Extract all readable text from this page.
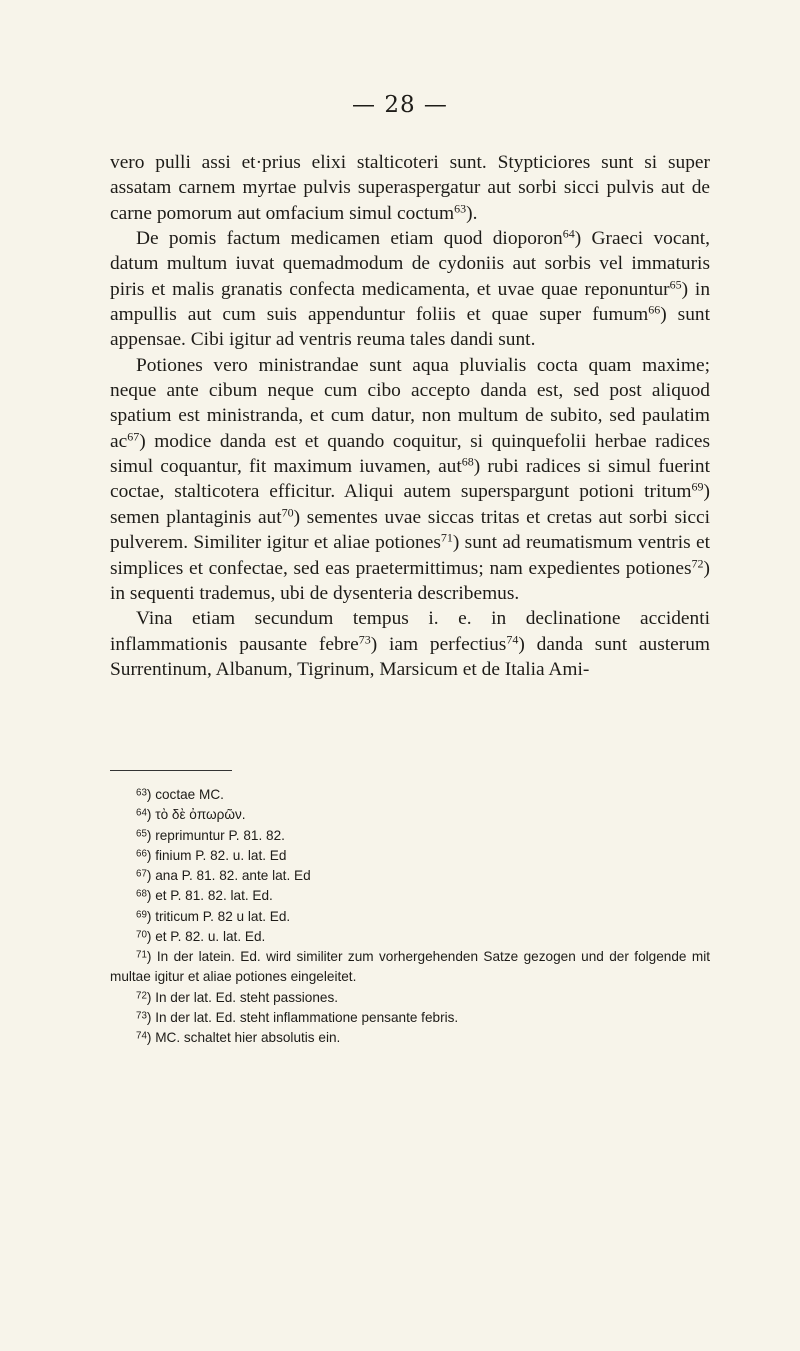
— 28 —

vero pulli assi et·prius elixi stalticoteri sunt. Stypticiores sunt si super assatam carnem myrtae pulvis superaspergatur aut sorbi sicci pulvis aut de carne pomorum aut omfacium simul coctum$^{63}$).

De pomis factum medicamen etiam quod dioporon$^{64}$) Graeci vocant, datum multum iuvat quemadmodum de cydoniis aut sorbis vel immaturis piris et malis granatis confecta medicamenta, et uvae quae reponuntur$^{65}$) in ampullis aut cum suis appenduntur foliis et quae super fumum$^{66}$) sunt appensae. Cibi igitur ad ventris reuma tales dandi sunt.

Potiones vero ministrandae sunt aqua pluvialis cocta quam maxime; neque ante cibum neque cum cibo accepto danda est, sed post aliquod spatium est ministranda, et cum datur, non multum de subito, sed paulatim $ac^{67}$) modice danda est et quando coquitur, si quinquefolii herbae radices simul coquantur, fit maximum iuvamen, aut$^{68}$) rubi radices si simul fuerint coctae, stalticotera efficitur. Aliqui autem superspargunt potioni tritum$^{69}$) semen plantaginis aut$^{70}$) sementes uvae siccas tritas et cretas aut sorbi sicci pulverem. Similiter igitur et aliae potiones$^{71}$) sunt ad reumatismum ventris et simplices et confectae, sed eas praetermittimus; nam expedientes potiones$^{72}$) in sequenti trademus, ubi de dysenteria describemus.

Vina etiam secundum tempus i. e. in declinatione accidenti inflammationis pausante febre$^{73}$) iam perfectius$^{74}$) danda sunt austerum Surrentinum, Albanum, Tigrinum, Marsicum et de Italia Ami-

$^{63}$) coctae MC.
$^{64}$) τὸ δὲ ὀπωρῶν.
$^{65}$) reprimuntur P. 81. 82.
$^{66}$) finium P. 82. u. lat. Ed
$^{67}$) ana P. 81. 82. ante lat. Ed
$^{68}$) et P. 81. 82. lat. Ed.
$^{69}$) triticum P. 82 u lat. Ed.
$^{70}$) et P. 82. u. lat. Ed.
$^{71}$) In der latein. Ed. wird similiter zum vorhergehenden Satze gezogen und der folgende mit multae igitur et aliae potiones eingeleitet.
$^{72}$) In der lat. Ed. steht passiones.
$^{73}$) In der lat. Ed. steht inflammatione pensante febris.
$^{74}$) MC. schaltet hier absolutis ein.
